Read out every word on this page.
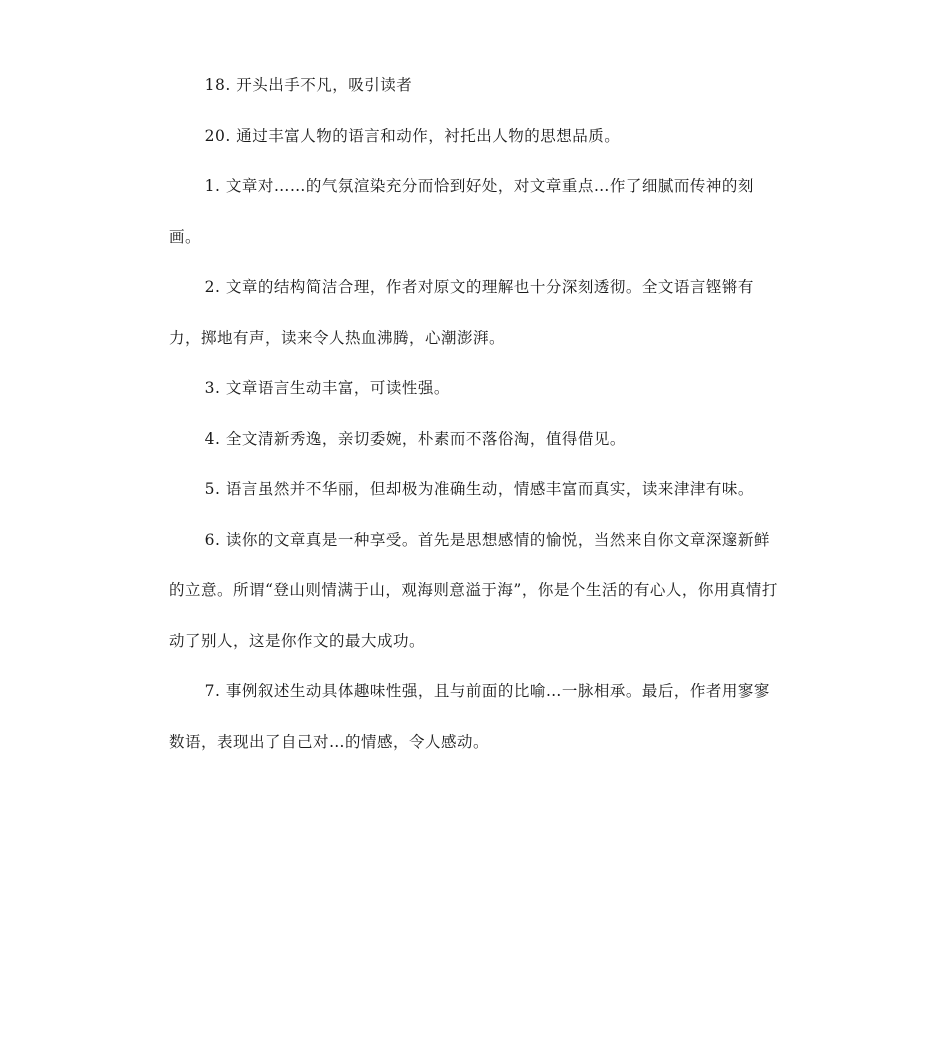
18. 开头出手不凡，吸引读者

20. 通过丰富人物的语言和动作，衬托出人物的思想品质。

1. 文章对……的气氛渲染充分而恰到好处，对文章重点…作了细腻而传神的刻画。

2. 文章的结构简洁合理，作者对原文的理解也十分深刻透彻。全文语言铿锵有力，掷地有声，读来令人热血沸腾，心潮澎湃。

3. 文章语言生动丰富，可读性强。

4. 全文清新秀逸，亲切委婉，朴素而不落俗淘，值得借见。

5. 语言虽然并不华丽，但却极为准确生动，情感丰富而真实，读来津津有味。

6. 读你的文章真是一种享受。首先是思想感情的愉悦，当然来自你文章深邃新鲜的立意。所谓“登山则情满于山，观海则意溢于海”，你是个生活的有心人，你用真情打动了别人，这是你作文的最大成功。

7. 事例叙述生动具体趣味性强，且与前面的比喻…一脉相承。最后，作者用寥寥数语，表现出了自己对…的情感，令人感动。
